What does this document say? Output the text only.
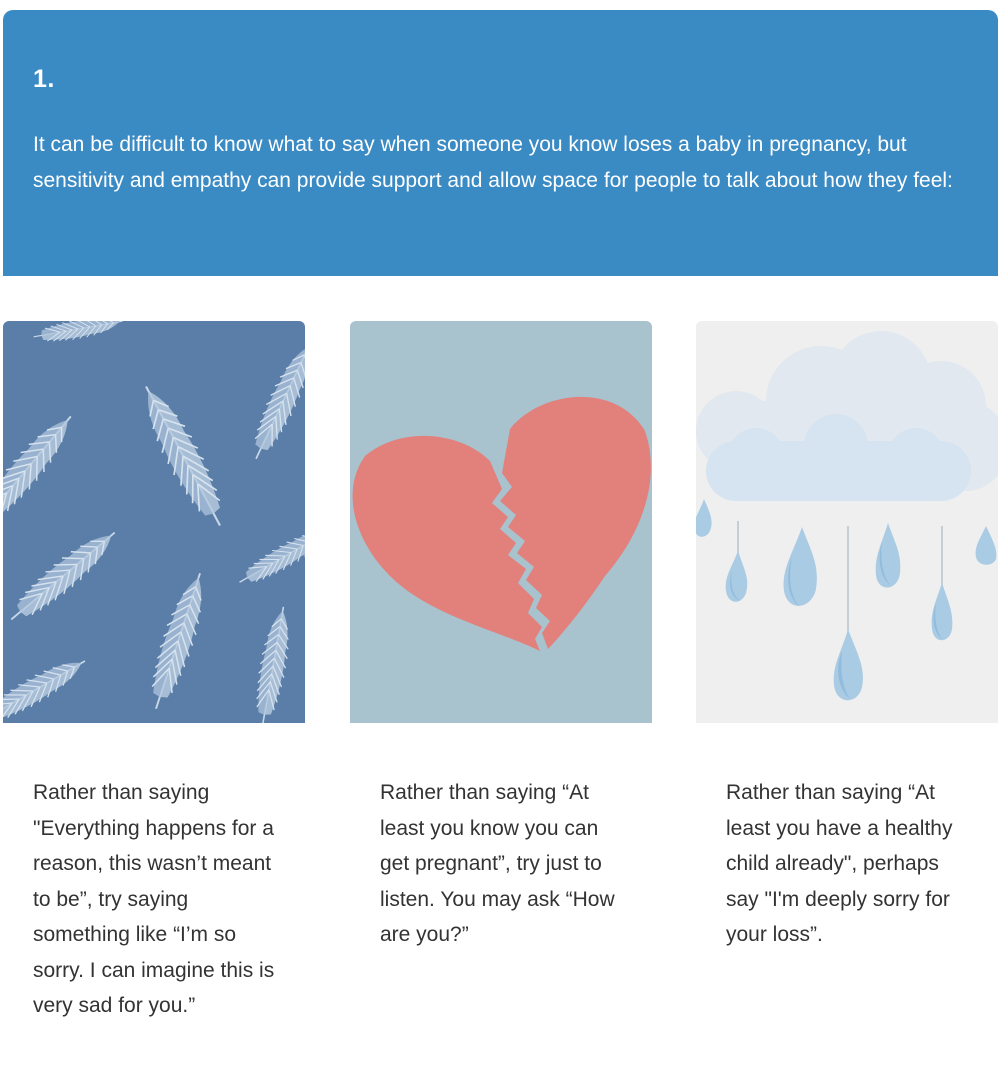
1.
It can be difficult to know what to say when someone you know loses a baby in pregnancy, but sensitivity and empathy can provide support and allow space for people to talk about how they feel:
Rather than saying "Everything happens for a reason, this wasn’t meant to be”, try saying something like “I’m so sorry. I can imagine this is very sad for you.”
Rather than saying “At least you know you can get pregnant”, try just to listen. You may ask “How are you?”
Rather than saying “At least you have a healthy child already", perhaps say "I'm deeply sorry for your loss”.
